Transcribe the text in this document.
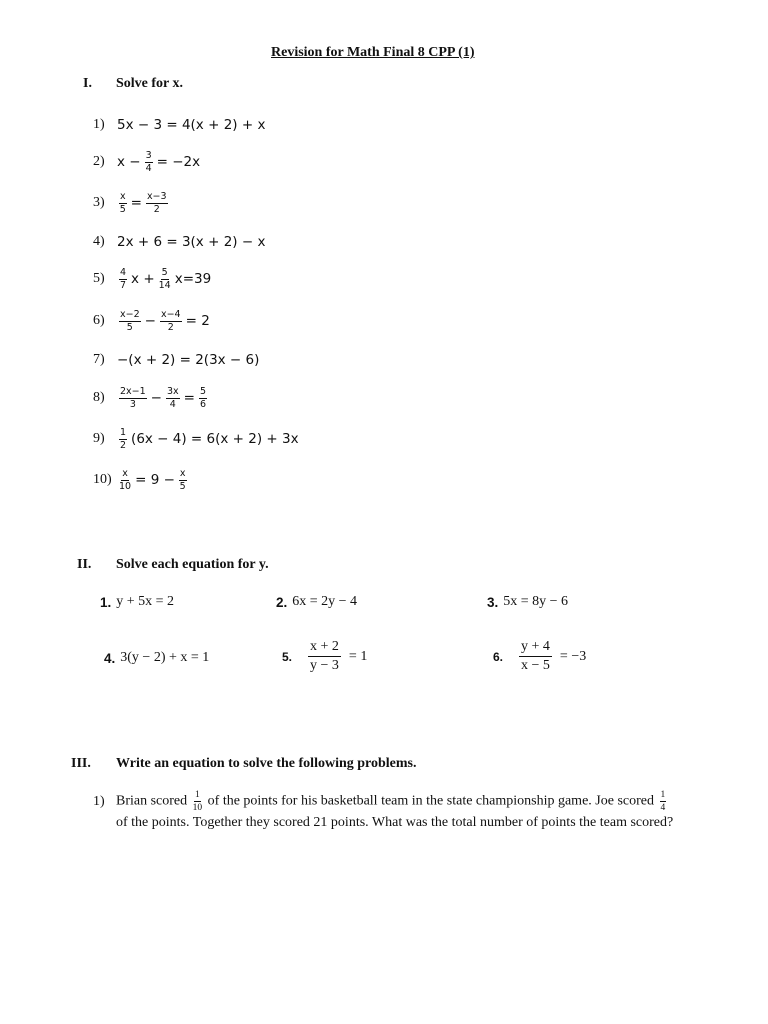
Revision for Math Final 8 CPP (1)
I. Solve for x.
1) 5x − 3 = 4(x + 2) + x
2) $x - \frac{3}{4} = -2x$
3)	$\frac{x}{5} = \frac{x-3}{2}$
4) 2x + 6 = 3(x + 2) − x
5)	$\frac{4}{7}$ $x + \frac{5}{14} x=39$
6)	$\frac{x-2}{5} - \frac{x-4}{2} = 2$
7) −(x + 2) = 2(3x − 6)
8)	$\frac{2x-1}{3} - \frac{3x}{4} = \frac{5}{6}$
9)	$\frac{1}{2} (6x - 4) = 6(x + 2) + 3x$
$10) \frac{x}{10} = 9 - \frac{x}{5}$
II. Solve each equation for y.
1. y + 5x = 2	2. 6x = 2y − 4	3. 5x = 8y − 6
4. 3(y − 2) + x = 1	5. $\frac{x + 2}{y - 3} = 1$	6. $\frac{y + 4}{x - 5} = -3$
III. Write an equation to solve the following problems.
1) Brian scored $\frac{1}{10}$ of the points for his basketball team in the state championship game. Joe scored $\frac{1}{4}$
of the points. Together they scored 21 points. What was the total number of points the team scored?
